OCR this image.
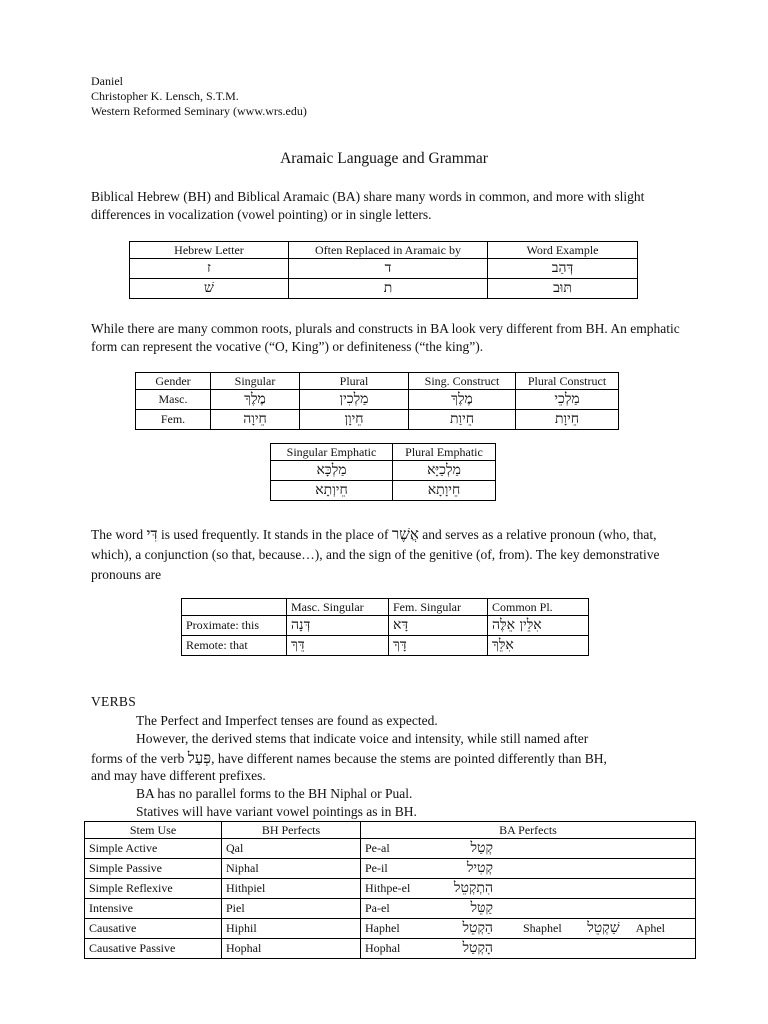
Daniel
Christopher K. Lensch, S.T.M.
Western Reformed Seminary (www.wrs.edu)
Aramaic Language and Grammar
Biblical Hebrew (BH) and Biblical Aramaic (BA) share many words in common, and more with slight differences in vocalization (vowel pointing) or in single letters.
Hebrew Letter	Often Replaced in Aramaic by	Word Example
ז	ד	דְּהַב
שׁ	ת	תּוּב
While there are many common roots, plurals and constructs in BA look very different from BH. An emphatic form can represent the vocative (“O, King”) or definiteness (“the king”).
Gender	Singular	Plural	Sing. Construct	Plural Construct
Masc.	מֶלֶךְ	מַלְכִין	מֶלֶךְ	מַלְכֵי
Fem.	חֵיוָה	חֵיוָן	חֵיוַת	חֵיוָת
Singular Emphatic	Plural Emphatic
מַלְכָּא	מַלְכַיָּא
חֵיוְתָא	חֵיוָתָא
The word דִּי is used frequently. It stands in the place of אֲשֶׁר and serves as a relative pronoun (who, that, which), a conjunction (so that, because…), and the sign of the genitive (of, from). The key demonstrative pronouns are
	Masc. Singular	Fem. Singular	Common Pl.
Proximate: this	דְּנָה	דָּא	אִלֵּין אֵלֶּה
Remote: that	דֵּךְ	דָּךְ	אִלֵּךְ
VERBS
The Perfect and Imperfect tenses are found as expected.
However, the derived stems that indicate voice and intensity, while still named after
forms of the verb פְּעַל, have different names because the stems are pointed differently than BH,
and may have different prefixes.
BA has no parallel forms to the BH Niphal or Pual.
Statives will have variant vowel pointings as in BH.
Stem Use	BH Perfects	BA Perfects
Simple Active	Qal	Pe-al קְטַל
Simple Passive	Niphal	Pe-il קְטִיל
Simple Reflexive	Hithpiel	Hithpe-el הִתְקְטֵל
Intensive	Piel	Pa-el קַטֵּל
Causative	Hiphil	Haphel הַקְטֵל Shaphel שַׁקְטֵל Aphel
Causative Passive	Hophal	Hophal הָקְטַל
